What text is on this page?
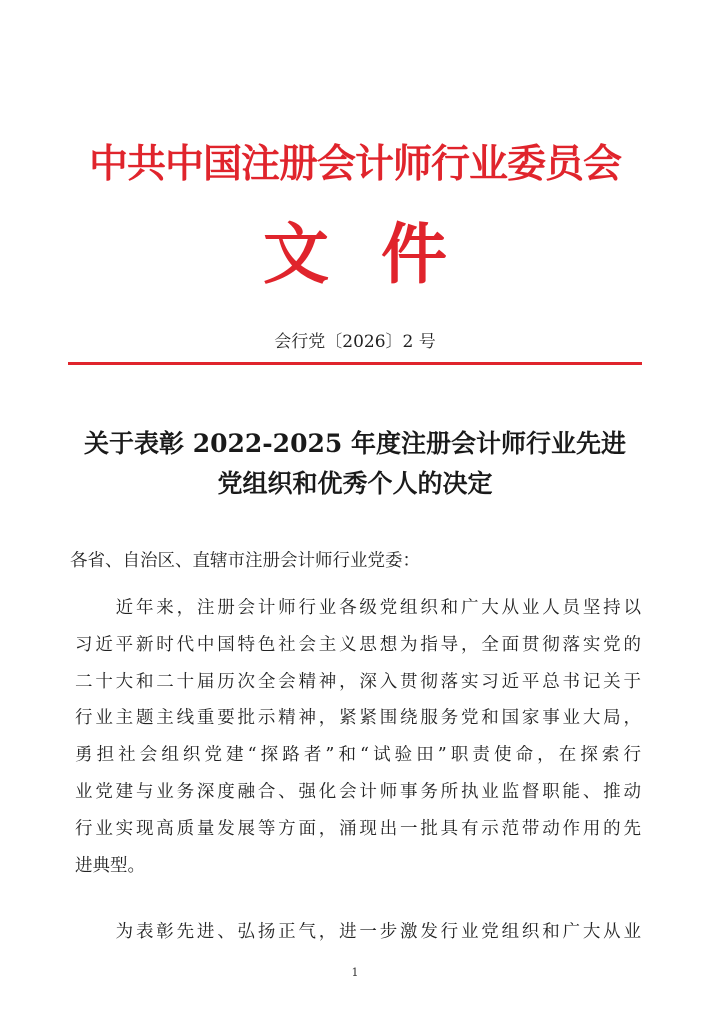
中共中国注册会计师行业委员会
文件
会行党〔2026〕2 号
关于表彰 2022-2025 年度注册会计师行业先进
党组织和优秀个人的决定
各省、自治区、直辖市注册会计师行业党委：
　　近年来，注册会计师行业各级党组织和广大从业人员坚持以
习近平新时代中国特色社会主义思想为指导，全面贯彻落实党的
二十大和二十届历次全会精神，深入贯彻落实习近平总书记关于
行业主题主线重要批示精神，紧紧围绕服务党和国家事业大局，
勇担社会组织党建“探路者”和“试验田”职责使命，在探索行
业党建与业务深度融合、强化会计师事务所执业监督职能、推动
行业实现高质量发展等方面，涌现出一批具有示范带动作用的先
进典型。
　　为表彰先进、弘扬正气，进一步激发行业党组织和广大从业
1
